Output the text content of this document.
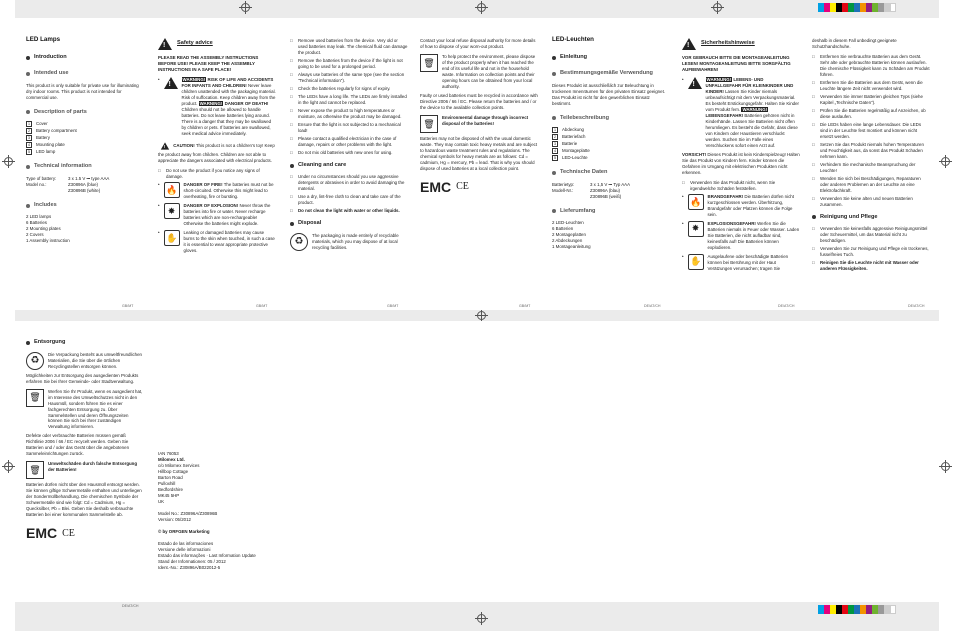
LED Lamps
Introduction
Intended use
This product is only suitable for private use for illuminating dry indoor rooms. This product is not intended for commercial use.
Description of parts
1	Cover
2	Battery compartment
3	Battery
4	Mounting plate
5	LED lamp
Technical information
Type of battery:	3 x 1.5 V ⎓ type AAA
Model no.:	Z30896A (blue)
Z30896B (white)
Includes
2 LED lamps
6 Batteries
2 Mounting plates
2 Covers
1 Assembly instruction
!
Safety advice
PLEASE READ THE ASSEMBLY INSTRUCTIONS BEFORE USE! PLEASE KEEP THE ASSEMBLY INSTRUCTIONS IN A SAFE PLACE!
• !	WARNING! RISK OF LIFE AND ACCIDENTS FOR INFANTS AND CHILDREN! Never leave children unattended with the packaging material. Risk of suffocation. Keep children away from the product. WARNING! DANGER OF DEATH! Children should not be allowed to handle batteries. Do not leave batteries lying around. There is a danger that they may be swallowed by children or pets. If batteries are swallowed, seek medical advice immediately.
! CAUTION! This product is not a children's toy! Keep the product away from children. Children are not able to appreciate the dangers associated with electrical products.
□	Do not use the product if you notice any signs of damage.
•
🔥
DANGER OF FIRE! The batteries must not be short-circuited. Otherwise this might lead to overheating, fire or bursting.
•
✸
DANGER OF EXPLOSION! Never throw the batteries into fire or water. Never recharge batteries which are non-rechargeable! Otherwise the batteries might explode.
•
✋
Leaking or damaged batteries may cause burns to the skin when touched, in such a case it is essential to wear appropriate protective gloves.
□	Remove used batteries from the device. Very old or used batteries may leak. The chemical fluid can damage the product.
□	Remove the batteries from the device if the light is not going to be used for a prolonged period.
□	Always use batteries of the same type (see the section "Technical information").
□	Check the batteries regularly for signs of expiry.
□	The LEDs have a long life. The LEDs are firmly installed in the light and cannot be replaced.
□	Never expose the product to high temperatures or moisture, as otherwise the product may be damaged.
□	Ensure that the light is not subjected to a mechanical load!
□	Please contact a qualified electrician in the case of damage, repairs or other problems with the light.
□	Do not mix old batteries with new ones for using.
Cleaning and care
□	Under no circumstances should you use aggressive detergents or abrasives in order to avoid damaging the material.
□	Use a dry, lint-free cloth to clean and take care of the product.
□	Do not clean the light with water or other liquids.
Disposal
♻
The packaging is made entirely of recyclable materials, which you may dispose of at local recycling facilities.
Contact your local refuse disposal authority for more details of how to dispose of your worn-out product.
🗑
To help protect the environment, please dispose of the product properly when it has reached the end of its useful life and not in the household waste. Information on collection points and their opening hours can be obtained from your local authority.
Faulty or used batteries must be recycled in accordance with Directive 2006 / 66 / EC. Please return the batteries and / or the device to the available collection points.
🗑
Environmental damage through incorrect disposal of the batteries!
Batteries may not be disposed of with the usual domestic waste. They may contain toxic heavy metals and are subject to hazardous waste treatment rules and regulations. The chemical symbols for heavy metals are as follows: Cd = cadmium, Hg = mercury, Pb = lead. That is why you should dispose of used batteries at a local collection point.
EMC CE
LED-Leuchten
Einleitung
Bestimmungsgemäße Verwendung
Dieses Produkt ist ausschließlich zur Beleuchtung in trockenen Innenräumen für den privaten Einsatz geeignet. Das Produkt ist nicht für den gewerblichen Einsatz bestimmt.
Teilebeschreibung
1	Abdeckung
2	Batteriefach
3	Batterie
4	Montageplatte
5	LED-Leuchte
Technische Daten
Batterietyp:	3 x 1,5 V ⎓ Typ AAA
Modell-Nr.:	Z30896A (blau)
Z30896B (weiß)
Lieferumfang
2 LED-Leuchten
6 Batterien
2 Montageplatten
2 Abdeckungen
1 Montageanleitung
!
Sicherheitshinweise
VOR GEBRAUCH BITTE DIE MONTAGEANLEITUNG LESEN! MONTAGEANLEITUNG BITTE SORGFÄLTIG AUFBEWAHREN!
• !	WARNUNG! LEBENS- UND UNFALLGEFAHR FÜR KLEINKINDER UND KINDER! Lassen Sie Kinder niemals unbeaufsichtigt mit dem Verpackungsmaterial. Es besteht Erstickungsgefahr. Halten Sie Kinder vom Produkt fern. WARNUNG! LEBENSGEFAHR! Batterien gehören nicht in Kinderhände. Lassen Sie Batterien nicht offen herumliegen. Es besteht die Gefahr, dass diese von Kindern oder Haustieren verschluckt werden. Suchen Sie im Falle eines Verschluckens sofort einen Arzt auf.
VORSICHT! Dieses Produkt ist kein Kinderspielzeug! Halten Sie das Produkt von Kindern fern. Kinder können die Gefahren im Umgang mit elektrischen Produkten nicht erkennen.
□	Verwenden Sie das Produkt nicht, wenn Sie irgendwelche Schäden feststellen.
•
🔥
BRANDGEFAHR! Die Batterien dürfen nicht kurzgeschlossen werden. Überhitzung, Brandgefahr oder Platzen können die Folge sein.
•
✸
EXPLOSIONSGEFAHR! Werfen Sie die Batterien niemals in Feuer oder Wasser. Laden Sie Batterien, die nicht aufladbar sind, keinesfalls auf! Die Batterien können explodieren.
•
✋
Ausgelaufene oder beschädigte Batterien können bei Berührung mit der Haut Verätzungen verursachen; tragen Sie
deshalb in diesem Fall unbedingt geeignete Schutzhandschuhe.
□	Entfernen Sie verbrauchte Batterien aus dem Gerät. Sehr alte oder gebrauchte Batterien können auslaufen. Die chemische Flüssigkeit kann zu Schäden am Produkt führen.
□	Entfernen Sie die Batterien aus dem Gerät, wenn die Leuchte längere Zeit nicht verwendet wird.
□	Verwenden Sie immer Batterien gleichen Typs (siehe Kapitel „Technische Daten").
□	Prüfen Sie die Batterien regelmäßig auf Anzeichen, ob diese auslaufen.
□	Die LEDs haben eine lange Lebensdauer. Die LEDs sind in der Leuchte fest montiert und können nicht ersetzt werden.
□	Setzen Sie das Produkt niemals hohen Temperaturen und Feuchtigkeit aus, da sonst das Produkt Schaden nehmen kann.
□	Verhindern Sie mechanische Beanspruchung der Leuchte!
□	Wenden Sie sich bei Beschädigungen, Reparaturen oder anderen Problemen an der Leuchte an eine Elektrofachkraft.
□	Verwenden Sie keine alten und neuen Batterien zusammen.
Reinigung und Pflege
□	Verwenden Sie keinesfalls aggressive Reinigungsmittel oder Scheuermittel, um das Material nicht zu beschädigen.
□	Verwenden Sie zur Reinigung und Pflege ein trockenes, fusselfreies Tuch.
□	Reinigen Sie die Leuchte nicht mit Wasser oder anderen Flüssigkeiten.
GB/MT	GB/MT	GB/MT	GB/MT	DE/AT/CH	DE/AT/CH	DE/AT/CH
Entsorgung
♻
Die Verpackung besteht aus umweltfreundlichen Materialien, die Sie über die örtlichen Recyclingstellen entsorgen können.
Möglichkeiten zur Entsorgung des ausgedienten Produkts erfahren Sie bei Ihrer Gemeinde- oder Stadtverwaltung.
🗑
Werfen Sie Ihr Produkt, wenn es ausgedient hat, im Interesse des Umweltschutzes nicht in den Hausmüll, sondern führen Sie es einer fachgerechten Entsorgung zu. Über Sammelstellen und deren Öffnungszeiten können Sie sich bei Ihrer zuständigen Verwaltung informieren.
Defekte oder verbrauchte Batterien müssen gemäß Richtlinie 2006 / 66 / EC recycelt werden. Geben Sie Batterien und / oder das Gerät über die angebotenen Sammeleinrichtungen zurück.
🗑
Umweltschäden durch falsche Entsorgung der Batterien!
Batterien dürfen nicht über den Hausmüll entsorgt werden. Sie können giftige Schwermetalle enthalten und unterliegen der Sondermüllbehandlung. Die chemischen Symbole der Schwermetalle sind wie folgt: Cd = Cadmium, Hg = Quecksilber, Pb = Blei. Geben Sie deshalb verbrauchte Batterien bei einer kommunalen Sammelstelle ab.
EMC CE
DE/AT/CH
IAN 76053
Milomex Ltd.
c/o Milomex Services
Hillbop Cottage
Barton Road
Pulloxhill
Bedfordshire
MK45 5HP
UK
Model No.: Z30896A/Z30896B
Version: 05/2012
© by ORFGEN Marketing
Estado de las informaciones
Versione delle informazioni
Estado das informações · Last Information Update
Stand der Informationen: 05 / 2012
Ident.-No.: Z30896A/B022012-5
